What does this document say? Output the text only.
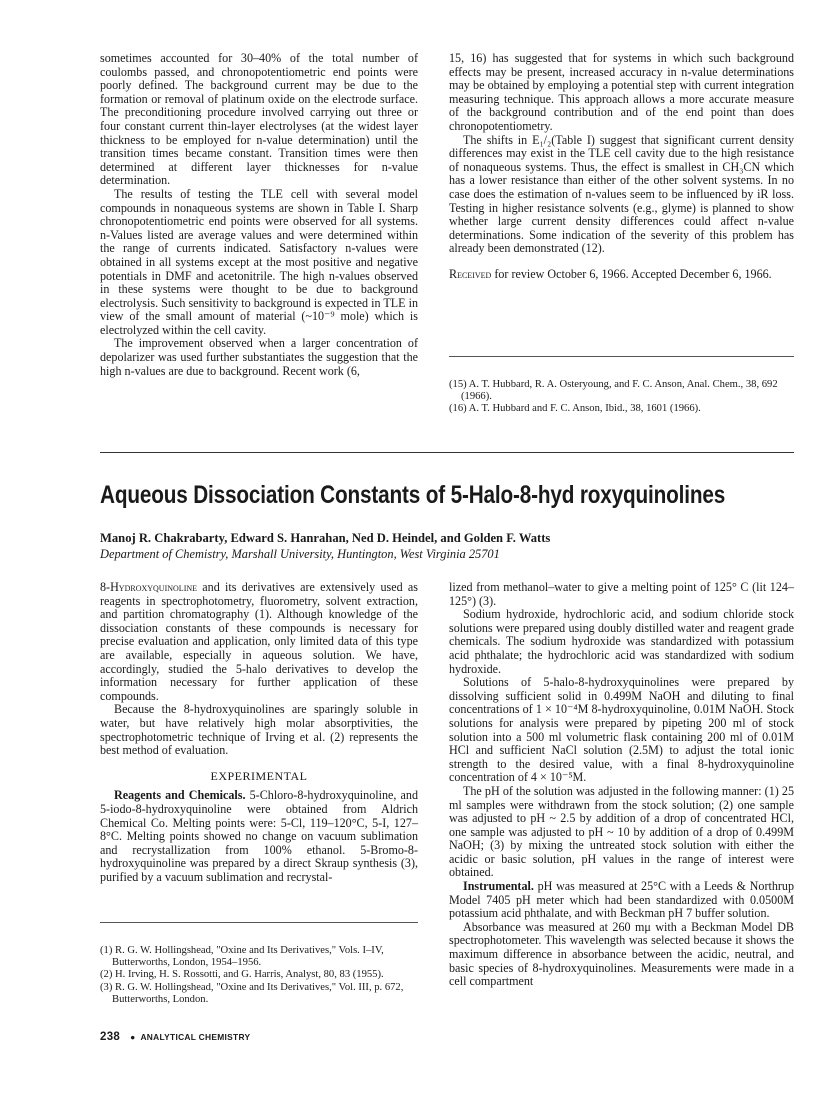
sometimes accounted for 30–40% of the total number of coulombs passed, and chronopotentiometric end points were poorly defined. The background current may be due to the formation or removal of platinum oxide on the electrode surface. The preconditioning procedure involved carrying out three or four constant current thin-layer electrolyses (at the widest layer thickness to be employed for n-value determination) until the transition times became constant. Transition times were then determined at different layer thicknesses for n-value determination.

The results of testing the TLE cell with several model compounds in nonaqueous systems are shown in Table I. Sharp chronopotentiometric end points were observed for all systems. n-Values listed are average values and were determined within the range of currents indicated. Satisfactory n-values were obtained in all systems except at the most positive and negative potentials in DMF and acetonitrile. The high n-values observed in these systems were thought to be due to background electrolysis. Such sensitivity to background is expected in TLE in view of the small amount of material (~10⁻⁹ mole) which is electrolyzed within the cell cavity.

The improvement observed when a larger concentration of depolarizer was used further substantiates the suggestion that the high n-values are due to background. Recent work (6,

15, 16) has suggested that for systems in which such background effects may be present, increased accuracy in n-value determinations may be obtained by employing a potential step with current integration measuring technique. This approach allows a more accurate measure of the background contribution and of the end point than does chronopotentiometry.

The shifts in E₁/₂(Table I) suggest that significant current density differences may exist in the TLE cell cavity due to the high resistance of nonaqueous systems. Thus, the effect is smallest in CH₃CN which has a lower resistance than either of the other solvent systems. In no case does the estimation of n-values seem to be influenced by iR loss. Testing in higher resistance solvents (e.g., glyme) is planned to show whether large current density differences could affect n-value determinations. Some indication of the severity of this problem has already been demonstrated (12).

Received for review October 6, 1966. Accepted December 6, 1966.

(15) A. T. Hubbard, R. A. Osteryoung, and F. C. Anson, Anal. Chem., 38, 692 (1966).

(16) A. T. Hubbard and F. C. Anson, Ibid., 38, 1601 (1966).

Aqueous Dissociation Constants of 5-Halo-8-hyd roxyquinolines
Manoj R. Chakrabarty, Edward S. Hanrahan, Ned D. Heindel, and Golden F. Watts
Department of Chemistry, Marshall University, Huntington, West Virginia 25701

8-Hydroxyquinoline and its derivatives are extensively used as reagents in spectrophotometry, fluorometry, solvent extraction, and partition chromatography (1). Although knowledge of the dissociation constants of these compounds is necessary for precise evaluation and application, only limited data of this type are available, especially in aqueous solution. We have, accordingly, studied the 5-halo derivatives to develop the information necessary for further application of these compounds.

Because the 8-hydroxyquinolines are sparingly soluble in water, but have relatively high molar absorptivities, the spectrophotometric technique of Irving et al. (2) represents the best method of evaluation.

EXPERIMENTAL

Reagents and Chemicals. 5-Chloro-8-hydroxyquinoline, and 5-iodo-8-hydroxyquinoline were obtained from Aldrich Chemical Co. Melting points were: 5-Cl, 119–120°C, 5-I, 127–8°C. Melting points showed no change on vacuum sublimation and recrystallization from 100% ethanol. 5-Bromo-8-hydroxyquinoline was prepared by a direct Skraup synthesis (3), purified by a vacuum sublimation and recrystal-

(1) R. G. W. Hollingshead, "Oxine and Its Derivatives," Vols. I–IV, Butterworths, London, 1954–1956.

(2) H. Irving, H. S. Rossotti, and G. Harris, Analyst, 80, 83 (1955).

(3) R. G. W. Hollingshead, "Oxine and Its Derivatives," Vol. III, p. 672, Butterworths, London.

lized from methanol–water to give a melting point of 125° C (lit 124–125°) (3).

Sodium hydroxide, hydrochloric acid, and sodium chloride stock solutions were prepared using doubly distilled water and reagent grade chemicals. The sodium hydroxide was standardized with potassium acid phthalate; the hydrochloric acid was standardized with sodium hydroxide.

Solutions of 5-halo-8-hydroxyquinolines were prepared by dissolving sufficient solid in 0.499M NaOH and diluting to final concentrations of 1 × 10⁻⁴M 8-hydroxyquinoline, 0.01M NaOH. Stock solutions for analysis were prepared by pipeting 200 ml of stock solution into a 500 ml volumetric flask containing 200 ml of 0.01M HCl and sufficient NaCl solution (2.5M) to adjust the total ionic strength to the desired value, with a final 8-hydroxyquinoline concentration of 4 × 10⁻⁵M.

The pH of the solution was adjusted in the following manner: (1) 25 ml samples were withdrawn from the stock solution; (2) one sample was adjusted to pH ~ 2.5 by addition of a drop of concentrated HCl, one sample was adjusted to pH ~ 10 by addition of a drop of 0.499M NaOH; (3) by mixing the untreated stock solution with either the acidic or basic solution, pH values in the range of interest were obtained.

Instrumental. pH was measured at 25°C with a Leeds & Northrup Model 7405 pH meter which had been standardized with 0.0500M potassium acid phthalate, and with Beckman pH 7 buffer solution.

Absorbance was measured at 260 mμ with a Beckman Model DB spectrophotometer. This wavelength was selected because it shows the maximum difference in absorbance between the acidic, neutral, and basic species of 8-hydroxyquinolines. Measurements were made in a cell compartment

238 ● ANALYTICAL CHEMISTRY
